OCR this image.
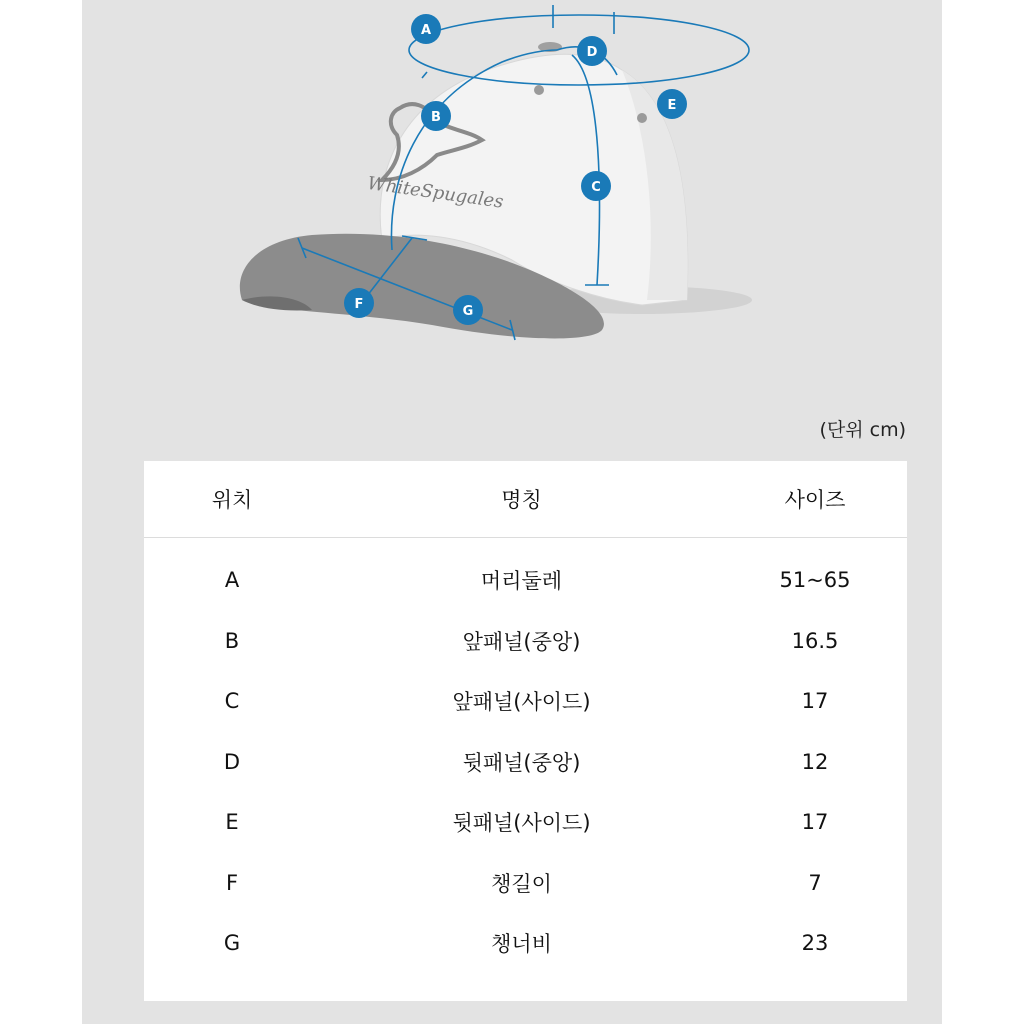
WhiteSpugales
A
B
C
D
E
F	G
(단위 cm)
위치	명칭	사이즈
A	머리둘레	51~65
B	앞패널(중앙)	16.5
C	앞패널(사이드)	17
D	뒷패널(중앙)	12
E	뒷패널(사이드)	17
F	챙길이	7
G	챙너비	23
